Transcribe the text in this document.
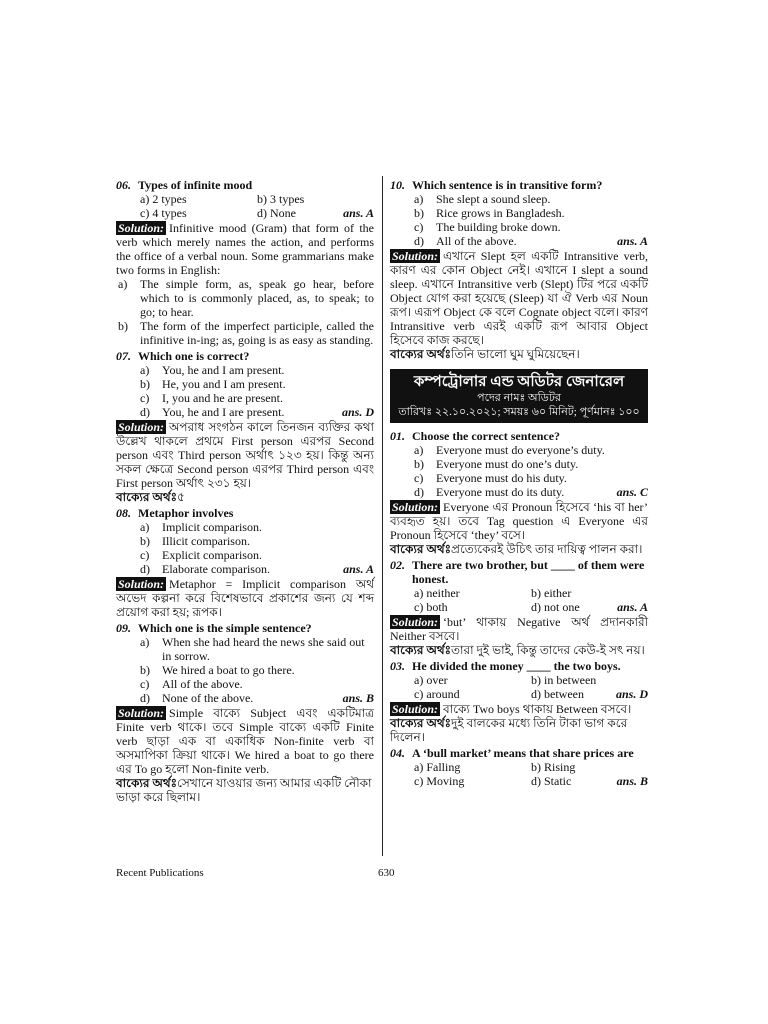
06. Types of infinite mood
a) 2 types	b) 3 types
c) 4 types	d) None	ans. A
Solution: Infinitive mood (Gram) that form of the verb which merely names the action, and performs the office of a verbal noun. Some grammarians make two forms in English:
a)	The simple form, as, speak go hear, before which to is commonly placed, as, to speak; to go; to hear.
b)	The form of the imperfect participle, called the infinitive in-ing; as, going is as easy as standing.
07. Which one is correct?
a)	You, he and I am present.
b)	He, you and I am present.
c)	I, you and he are present.
d)	You, he and I are present.	ans. D
Solution: অপরাধ সংগঠন কালে তিনজন ব্যক্তির কথা উল্লেখ থাকলে প্রথমে First person এরপর Second person এবং Third person অর্থাৎ ১২৩ হয়। কিন্তু অন্য সকল ক্ষেত্রে Second person এরপর Third person এবং First person অর্থাৎ ২৩১ হয়।
বাক্যের অর্থঃ৫
08. Metaphor involves
a)	Implicit comparison.
b)	Illicit comparison.
c)	Explicit comparison.
d)	Elaborate comparison.	ans. A
Solution: Metaphor = Implicit comparison অর্থ অভেদ কল্পনা করে বিশেষভাবে প্রকাশের জন্য যে শব্দ প্রয়োগ করা হয়; রূপক।
09. Which one is the simple sentence?
a)	When she had heard the news she said out in sorrow.
b)	We hired a boat to go there.
c)	All of the above.
d)	None of the above.	ans. B
Solution: Simple বাক্যে Subject এবং একটিমাত্র Finite verb থাকে। তবে Simple বাক্যে একটি Finite verb ছাড়া এক বা একাধিক Non-finite verb বা অসমাপিকা ক্রিয়া থাকে। We hired a boat to go there এর To go হলো Non-finite verb.
বাক্যের অর্থঃসেখানে যাওয়ার জন্য আমার একটি নৌকা ভাড়া করে ছিলাম।
10. Which sentence is in transitive form?
a)	She slept a sound sleep.
b)	Rice grows in Bangladesh.
c)	The building broke down.
d)	All of the above.	ans. A
Solution: এখানে Slept হল একটি Intransitive verb, কারণ এর কোন Object নেই। এখানে I slept a sound sleep. এখানে Intransitive verb (Slept) টির পরে একটি Object যোগ করা হয়েছে (Sleep) যা ঐ Verb এর Noun রূপ। এরূপ Object কে বলে Cognate object বলে। কারণ Intransitive verb এরই একটি রূপ আবার Object হিসেবে কাজ করছে।
বাক্যের অর্থঃতিনি ভালো ঘুম ঘুমিয়েছেন।
কম্পট্রোলার এন্ড অডিটর জেনারেল
পদের নামঃ অডিটর
তারিখঃ ২২.১০.২০২১; সময়ঃ ৬০ মিনিট; পূর্ণমানঃ ১০০
01. Choose the correct sentence?
a)	Everyone must do everyone’s duty.
b)	Everyone must do one’s duty.
c)	Everyone must do his duty.
d)	Everyone must do its duty.	ans. C
Solution: Everyone এর Pronoun হিসেবে ‘his বা her’ ব্যবহৃত হয়। তবে Tag question এ Everyone এর Pronoun হিসেবে ‘they’ বসে।
বাক্যের অর্থঃপ্রত্যেকেরই উচিৎ তার দায়িত্ব পালন করা।
02. There are two brother, but ____ of them were honest.
a) neither	b) either
c) both	d) not one	ans. A
Solution: ‘but’ থাকায় Negative অর্থ প্রদানকারী Neither বসবে।
বাক্যের অর্থঃতারা দুই ভাই, কিন্তু তাদের কেউ-ই সৎ নয়।
03. He divided the money ____ the two boys.
a) over	b) in between
c) around	d) between	ans. D
Solution: বাক্যে Two boys থাকায় Between বসবে।
বাক্যের অর্থঃদুই বালকের মধ্যে তিনি টাকা ভাগ করে দিলেন।
04. A ‘bull market’ means that share prices are
a) Falling	b) Rising
c) Moving	d) Static	ans. B
Recent Publications	630
